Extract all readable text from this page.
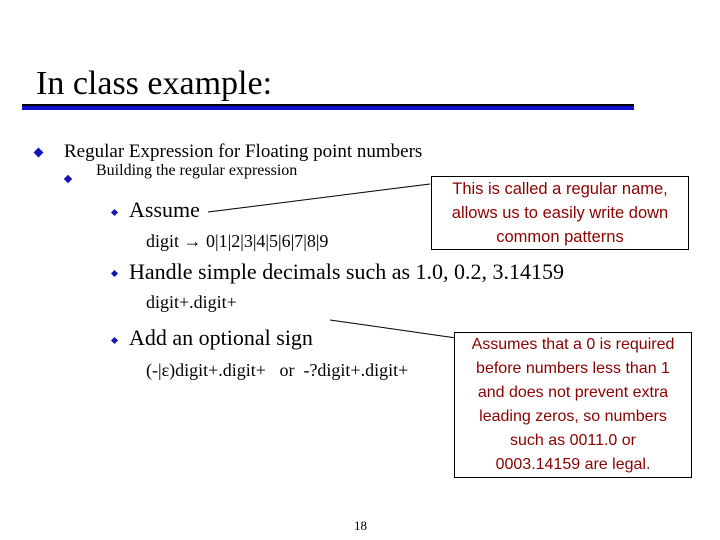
In class example:
Regular Expression for Floating point numbers
Building the regular expression
Assume
digit → 0|1|2|3|4|5|6|7|8|9
Handle simple decimals such as 1.0, 0.2, 3.14159
digit+.digit+
Add an optional sign
(-|ε)digit+.digit+   or  -?digit+.digit+
This is called a regular name,
allows us to easily write down
common patterns
Assumes that a 0 is required
before numbers less than 1
and does not prevent extra
leading zeros, so numbers
such as 0011.0 or
0003.14159 are legal.
18
